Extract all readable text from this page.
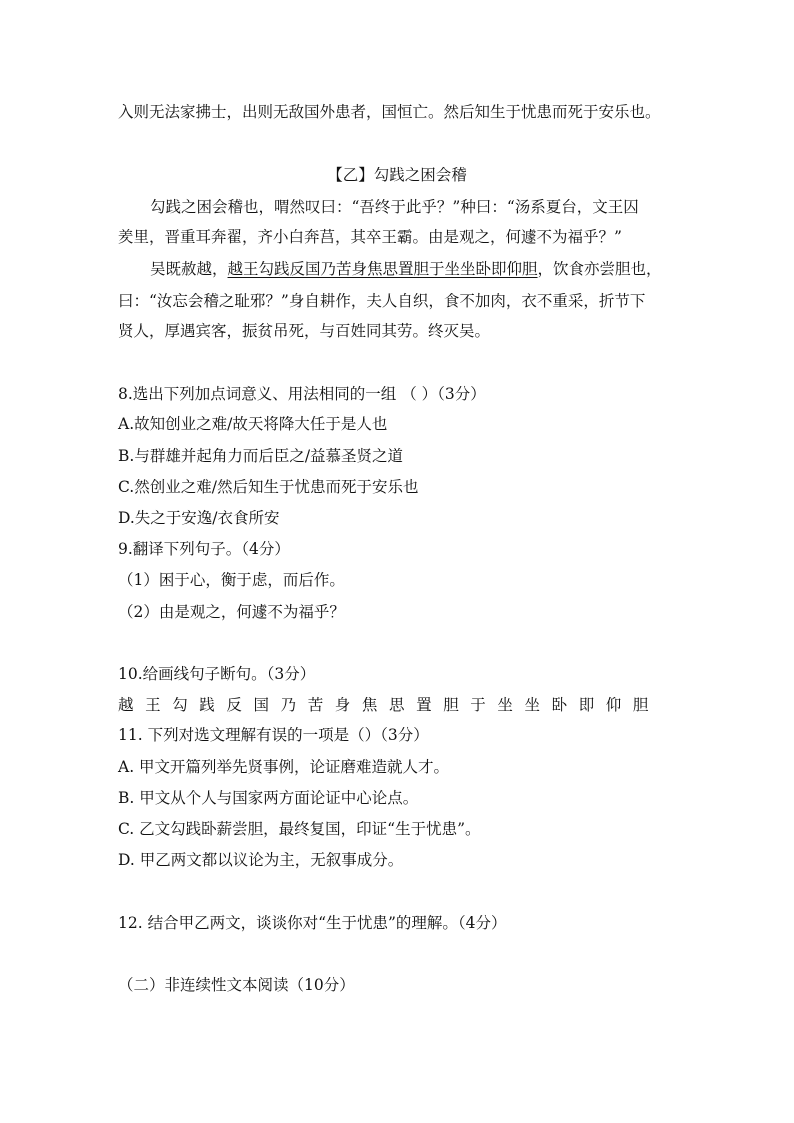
入则无法家拂士，出则无敌国外患者，国恒亡。然后知生于忧患而死于安乐也。
【乙】勾践之困会稽
勾践之困会稽也，喟然叹曰：“吾终于此乎？”种曰：“汤系夏台，文王囚
羑里，晋重耳奔翟，齐小白奔莒，其卒王霸。由是观之，何遽不为福乎？”
吴既赦越，越王勾践反国乃苦身焦思置胆于坐坐卧即仰胆，饮食亦尝胆也，
曰：“汝忘会稽之耻邪？”身自耕作，夫人自织，食不加肉，衣不重采，折节下
贤人，厚遇宾客，振贫吊死，与百姓同其劳。终灭吴。
8.选出下列加点词意义、用法相同的一组 （ ）（3分）
A.故知创业之难/故天将降大任于是人也
B.与群雄并起角力而后臣之/益慕圣贤之道
C.然创业之难/然后知生于忧患而死于安乐也
D.失之于安逸/衣食所安
9.翻译下列句子。（4分）
（1）困于心，衡于虑，而后作。
（2）由是观之，何遽不为福乎？
10.给画线句子断句。（3分）
越王勾践反国乃苦身焦思置胆于坐坐卧即仰胆
11. 下列对选文理解有误的一项是（）（3分）
A. 甲文开篇列举先贤事例，论证磨难造就人才。
B. 甲文从个人与国家两方面论证中心论点。
C. 乙文勾践卧薪尝胆，最终复国，印证“生于忧患”。
D. 甲乙两文都以议论为主，无叙事成分。
12. 结合甲乙两文，谈谈你对“生于忧患”的理解。（4分）
（二）非连续性文本阅读（10分）
